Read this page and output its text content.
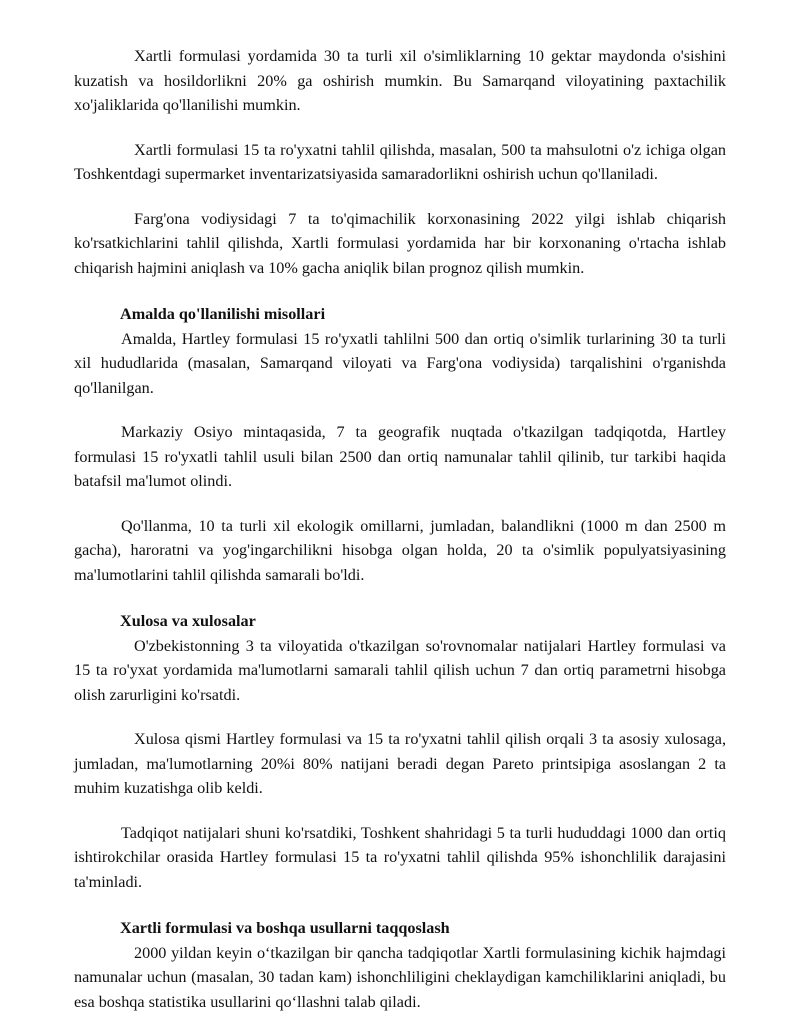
Xartli formulasi yordamida 30 ta turli xil o'simliklarning 10 gektar maydonda o'sishini kuzatish va hosildorlikni 20% ga oshirish mumkin. Bu Samarqand viloyatining paxtachilik xo'jaliklarida qo'llanilishi mumkin.

Xartli formulasi 15 ta ro'yxatni tahlil qilishda, masalan, 500 ta mahsulotni o'z ichiga olgan Toshkentdagi supermarket inventarizatsiyasida samaradorlikni oshirish uchun qo'llaniladi.

Farg'ona vodiysidagi 7 ta to'qimachilik korxonasining 2022 yilgi ishlab chiqarish ko'rsatkichlarini tahlil qilishda, Xartli formulasi yordamida har bir korxonaning o'rtacha ishlab chiqarish hajmini aniqlash va 10% gacha aniqlik bilan prognoz qilish mumkin.

Amalda qo'llanilishi misollari

Amalda, Hartley formulasi 15 ro'yxatli tahlilni 500 dan ortiq o'simlik turlarining 30 ta turli xil hududlarida (masalan, Samarqand viloyati va Farg'ona vodiysida) tarqalishini o'rganishda qo'llanilgan.

Markaziy Osiyo mintaqasida, 7 ta geografik nuqtada o'tkazilgan tadqiqotda, Hartley formulasi 15 ro'yxatli tahlil usuli bilan 2500 dan ortiq namunalar tahlil qilinib, tur tarkibi haqida batafsil ma'lumot olindi.

Qo'llanma, 10 ta turli xil ekologik omillarni, jumladan, balandlikni (1000 m dan 2500 m gacha), haroratni va yog'ingarchilikni hisobga olgan holda, 20 ta o'simlik populyatsiyasining ma'lumotlarini tahlil qilishda samarali bo'ldi.

Xulosa va xulosalar

O'zbekistonning 3 ta viloyatida o'tkazilgan so'rovnomalar natijalari Hartley formulasi va 15 ta ro'yxat yordamida ma'lumotlarni samarali tahlil qilish uchun 7 dan ortiq parametrni hisobga olish zarurligini ko'rsatdi.

Xulosa qismi Hartley formulasi va 15 ta ro'yxatni tahlil qilish orqali 3 ta asosiy xulosaga, jumladan, ma'lumotlarning 20%i 80% natijani beradi degan Pareto printsipiga asoslangan 2 ta muhim kuzatishga olib keldi.

Tadqiqot natijalari shuni ko'rsatdiki, Toshkent shahridagi 5 ta turli hududdagi 1000 dan ortiq ishtirokchilar orasida Hartley formulasi 15 ta ro'yxatni tahlil qilishda 95% ishonchlilik darajasini ta'minladi.

Xartli formulasi va boshqa usullarni taqqoslash

2000 yildan keyin o‘tkazilgan bir qancha tadqiqotlar Xartli formulasining kichik hajmdagi namunalar uchun (masalan, 30 tadan kam) ishonchliligini cheklaydigan kamchiliklarini aniqladi, bu esa boshqa statistika usullarini qo‘llashni talab qiladi.
